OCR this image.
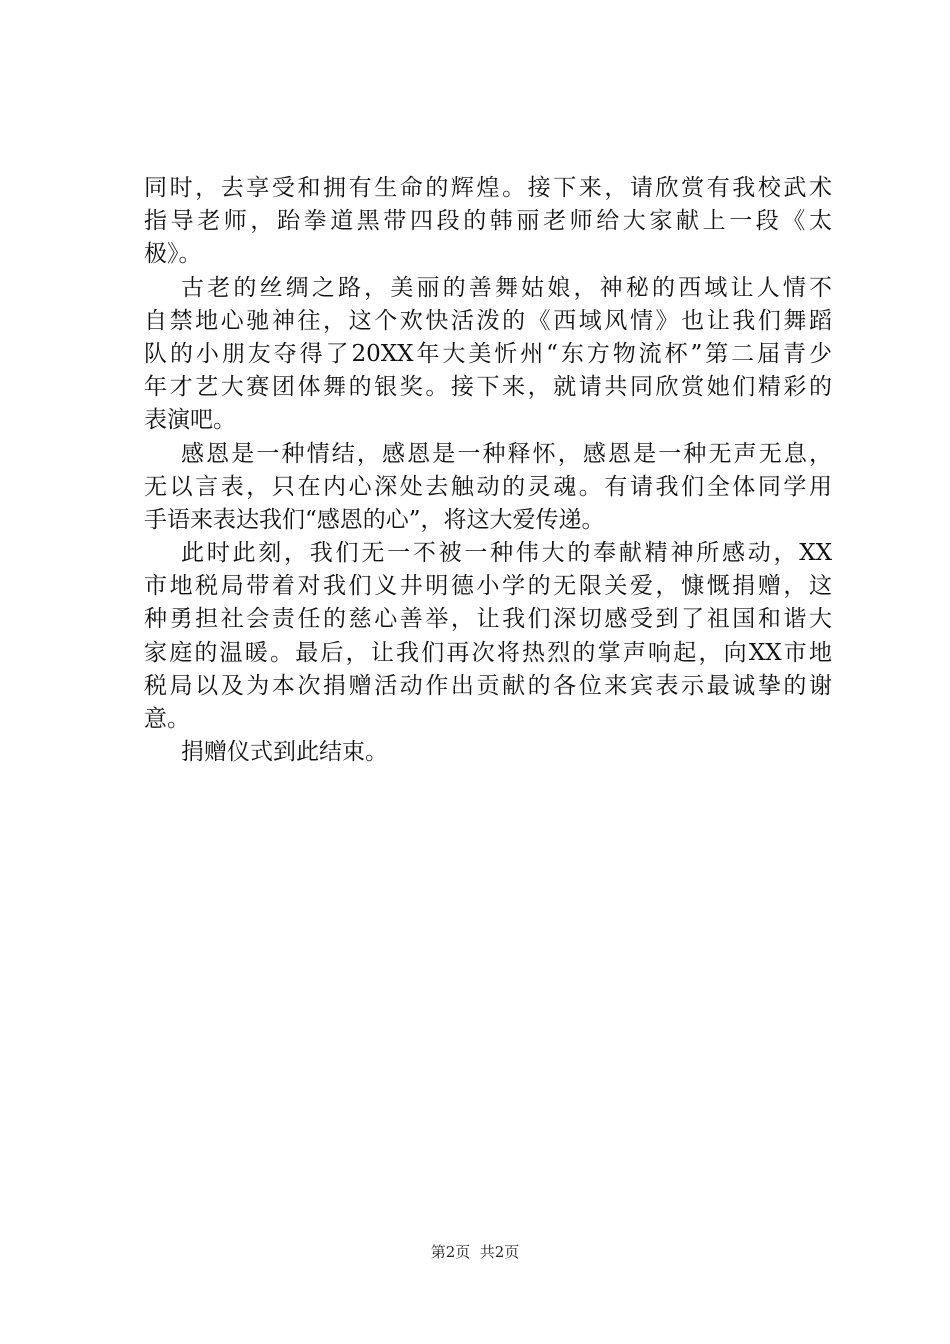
同时，去享受和拥有生命的辉煌。接下来，请欣赏有我校武术
指导老师，跆拳道黑带四段的韩丽老师给大家献上一段《太
极》。
古老的丝绸之路，美丽的善舞姑娘，神秘的西域让人情不
自禁地心驰神往，这个欢快活泼的《西域风情》也让我们舞蹈
队的小朋友夺得了20XX年大美忻州“东方物流杯”第二届青少
年才艺大赛团体舞的银奖。接下来，就请共同欣赏她们精彩的
表演吧。
感恩是一种情结，感恩是一种释怀，感恩是一种无声无息，
无以言表，只在内心深处去触动的灵魂。有请我们全体同学用
手语来表达我们“感恩的心”，将这大爱传递。
此时此刻，我们无一不被一种伟大的奉献精神所感动，XX
市地税局带着对我们义井明德小学的无限关爱，慷慨捐赠，这
种勇担社会责任的慈心善举，让我们深切感受到了祖国和谐大
家庭的温暖。最后，让我们再次将热烈的掌声响起，向XX市地
税局以及为本次捐赠活动作出贡献的各位来宾表示最诚挚的谢
意。
捐赠仪式到此结束。
第2页  共2页
